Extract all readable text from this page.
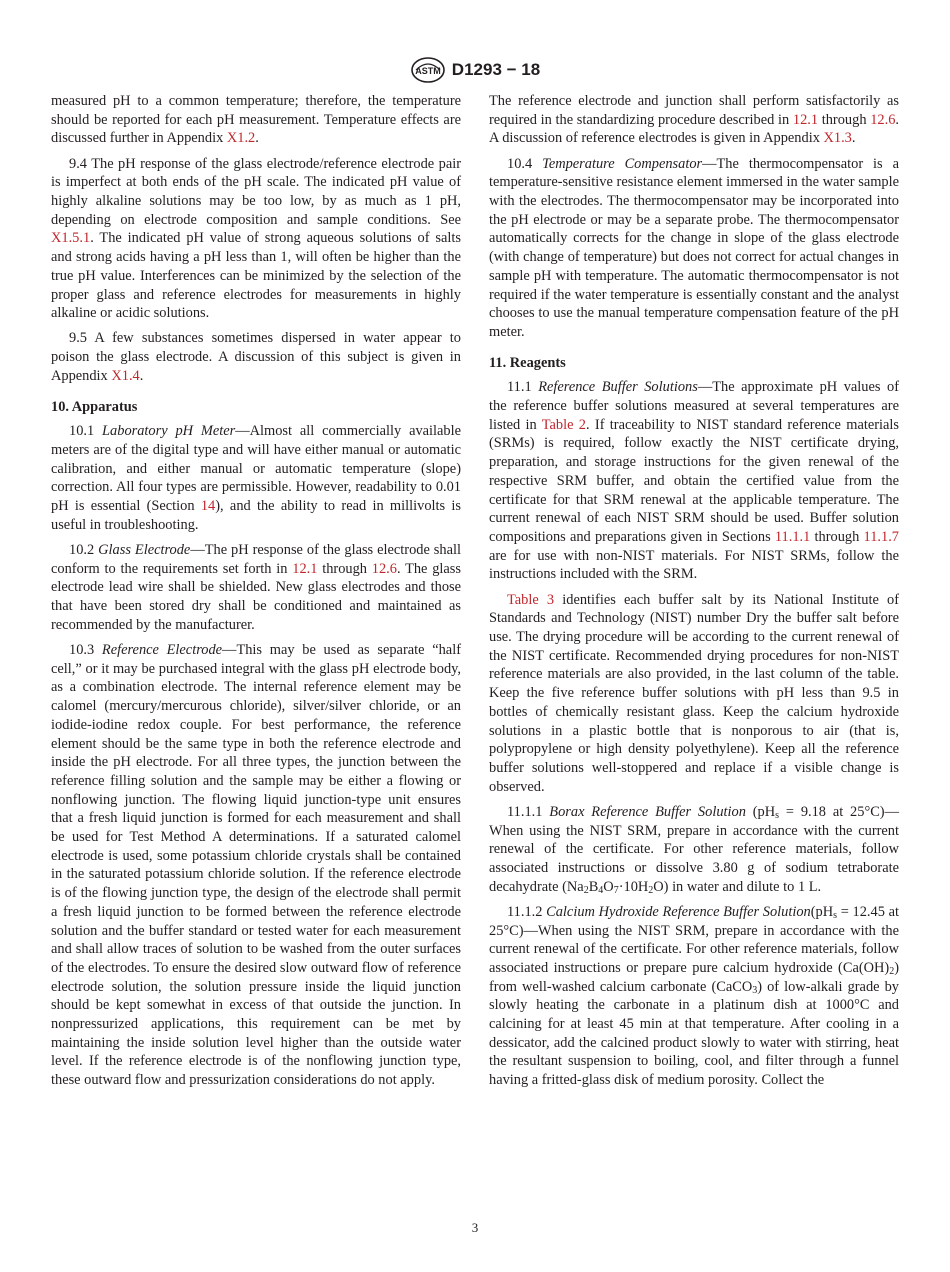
ASTM D1293 − 18

measured pH to a common temperature; therefore, the temperature should be reported for each pH measurement. Temperature effects are discussed further in Appendix X1.2.

9.4 The pH response of the glass electrode/reference electrode pair is imperfect at both ends of the pH scale. The indicated pH value of highly alkaline solutions may be too low, by as much as 1 pH, depending on electrode composition and sample conditions. See X1.5.1. The indicated pH value of strong aqueous solutions of salts and strong acids having a pH less than 1, will often be higher than the true pH value. Interferences can be minimized by the selection of the proper glass and reference electrodes for measurements in highly alkaline or acidic solutions.

9.5 A few substances sometimes dispersed in water appear to poison the glass electrode. A discussion of this subject is given in Appendix X1.4.

10. Apparatus

10.1 Laboratory pH Meter—Almost all commercially available meters are of the digital type and will have either manual or automatic calibration, and either manual or automatic temperature (slope) correction. All four types are permissible. However, readability to 0.01 pH is essential (Section 14), and the ability to read in millivolts is useful in troubleshooting.

10.2 Glass Electrode—The pH response of the glass electrode shall conform to the requirements set forth in 12.1 through 12.6. The glass electrode lead wire shall be shielded. New glass electrodes and those that have been stored dry shall be conditioned and maintained as recommended by the manufacturer.

10.3 Reference Electrode—This may be used as separate “half cell,” or it may be purchased integral with the glass pH electrode body, as a combination electrode. The internal reference element may be calomel (mercury/mercurous chloride), silver/silver chloride, or an iodide-iodine redox couple. For best performance, the reference element should be the same type in both the reference electrode and inside the pH electrode. For all three types, the junction between the reference filling solution and the sample may be either a flowing or nonflowing junction. The flowing liquid junction-type unit ensures that a fresh liquid junction is formed for each measurement and shall be used for Test Method A determinations. If a saturated calomel electrode is used, some potassium chloride crystals shall be contained in the saturated potassium chloride solution. If the reference electrode is of the flowing junction type, the design of the electrode shall permit a fresh liquid junction to be formed between the reference electrode solution and the buffer standard or tested water for each measurement and shall allow traces of solution to be washed from the outer surfaces of the electrodes. To ensure the desired slow outward flow of reference electrode solution, the solution pressure inside the liquid junction should be kept somewhat in excess of that outside the junction. In nonpressurized applications, this requirement can be met by maintaining the inside solution level higher than the outside water level. If the reference electrode is of the nonflowing junction type, these outward flow and pressurization considerations do not apply.

The reference electrode and junction shall perform satisfactorily as required in the standardizing procedure described in 12.1 through 12.6. A discussion of reference electrodes is given in Appendix X1.3.

10.4 Temperature Compensator—The thermocompensator is a temperature-sensitive resistance element immersed in the water sample with the electrodes. The thermocompensator may be incorporated into the pH electrode or may be a separate probe. The thermocompensator automatically corrects for the change in slope of the glass electrode (with change of temperature) but does not correct for actual changes in sample pH with temperature. The automatic thermocompensator is not required if the water temperature is essentially constant and the analyst chooses to use the manual temperature compensation feature of the pH meter.

11. Reagents

11.1 Reference Buffer Solutions—The approximate pH values of the reference buffer solutions measured at several temperatures are listed in Table 2. If traceability to NIST standard reference materials (SRMs) is required, follow exactly the NIST certificate drying, preparation, and storage instructions for the given renewal of the respective SRM buffer, and obtain the certified value from the certificate for that SRM renewal at the applicable temperature. The current renewal of each NIST SRM should be used. Buffer solution compositions and preparations given in Sections 11.1.1 through 11.1.7 are for use with non-NIST materials. For NIST SRMs, follow the instructions included with the SRM.

Table 3 identifies each buffer salt by its National Institute of Standards and Technology (NIST) number Dry the buffer salt before use. The drying procedure will be according to the current renewal of the NIST certificate. Recommended drying procedures for non-NIST reference materials are also provided, in the last column of the table. Keep the five reference buffer solutions with pH less than 9.5 in bottles of chemically resistant glass. Keep the calcium hydroxide solutions in a plastic bottle that is nonporous to air (that is, polypropylene or high density polyethylene). Keep all the reference buffer solutions well-stoppered and replace if a visible change is observed.

11.1.1 Borax Reference Buffer Solution ($pH_s = 9.18$ at 25°C)—When using the NIST SRM, prepare in accordance with the current renewal of the certificate. For other reference materials, follow associated instructions or dissolve 3.80 g of sodium tetraborate decahydrate $(Na_2B_4O_7\cdot 10H_2O)$ in water and dilute to 1 L.

11.1.2 Calcium Hydroxide Reference Buffer $Solution(pH_s = 12.45$ at 25°C)—When using the NIST SRM, prepare in accordance with the current renewal of the certificate. For other reference materials, follow associated instructions or prepare pure calcium hydroxide $(Ca(OH)_2)$ from well-washed calcium carbonate (CaCO$_3$) of low-alkali grade by slowly heating the carbonate in a platinum dish at 1000°C and calcining for at least 45 min at that temperature. After cooling in a dessicator, add the calcined product slowly to water with stirring, heat the resultant suspension to boiling, cool, and filter through a funnel having a fritted-glass disk of medium porosity. Collect the

3
